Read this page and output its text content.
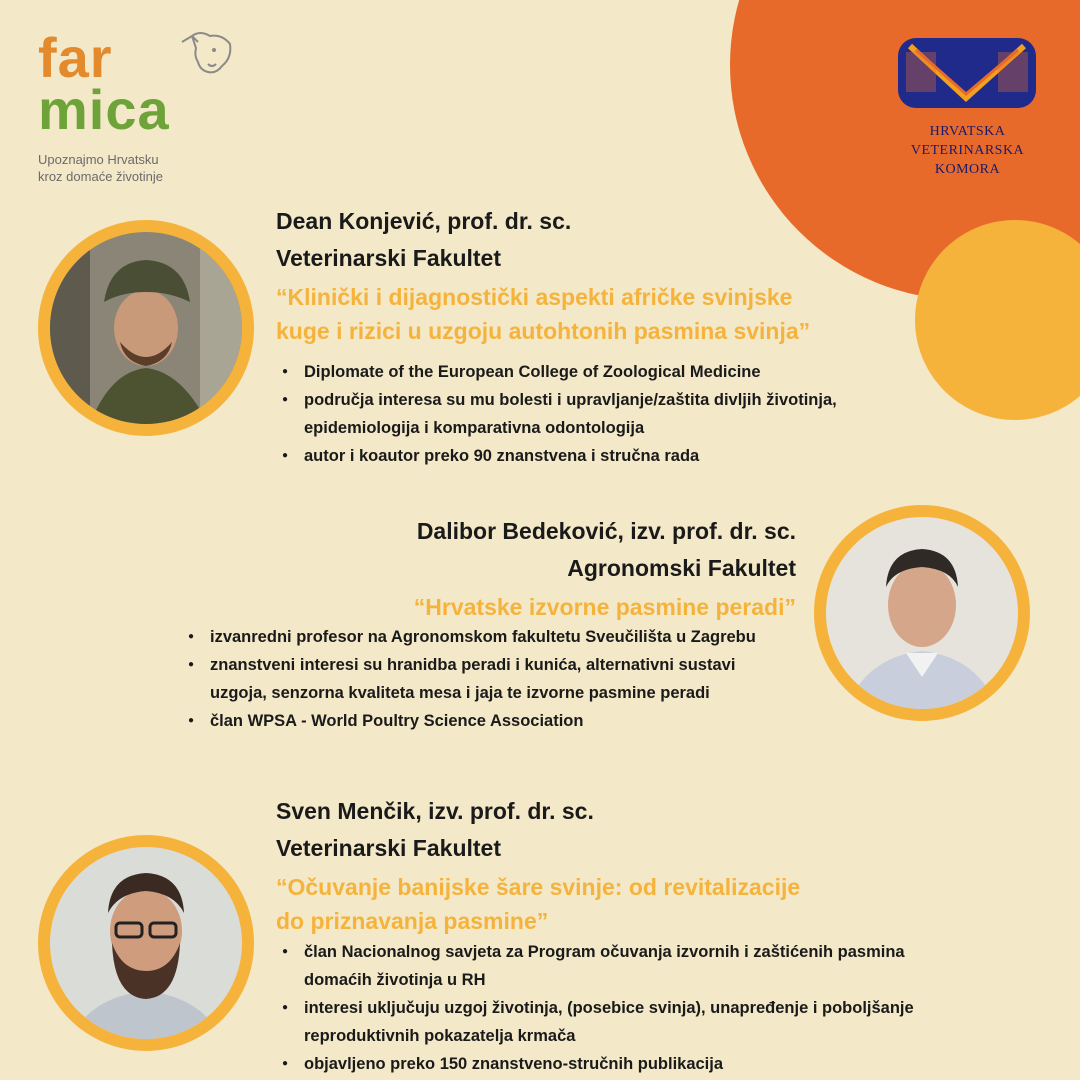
far
mica
Upoznajmo Hrvatsku
kroz domaće životinje
HRVATSKA
VETERINARSKA
KOMORA
Dean Konjević, prof. dr. sc.
Veterinarski Fakultet
“Klinički i dijagnostički aspekti afričke svinjske
kuge i rizici u uzgoju autohtonih pasmina svinja”
● Diplomate of the European College of Zoological Medicine
● područja interesa su mu bolesti i upravljanje/zaštita divljih životinja,
epidemiologija i komparativna odontologija
● autor i koautor preko 90 znanstvena i stručna rada
Dalibor Bedeković, izv. prof. dr. sc.
Agronomski Fakultet
“Hrvatske izvorne pasmine peradi”
● izvanredni profesor na Agronomskom fakultetu Sveučilišta u Zagrebu
● znanstveni interesi su hranidba peradi i kunića, alternativni sustavi
uzgoja, senzorna kvaliteta mesa i jaja te izvorne pasmine peradi
● član WPSA - World Poultry Science Association
Sven Menčik, izv. prof. dr. sc.
Veterinarski Fakultet
“Očuvanje banijske šare svinje: od revitalizacije
do priznavanja pasmine”
● član Nacionalnog savjeta za Program očuvanja izvornih i zaštićenih pasmina
domaćih životinja u RH
● interesi uključuju uzgoj životinja, (posebice svinja), unapređenje i poboljšanje
reproduktivnih pokazatelja krmača
● objavljeno preko 150 znanstveno-stručnih publikacija
